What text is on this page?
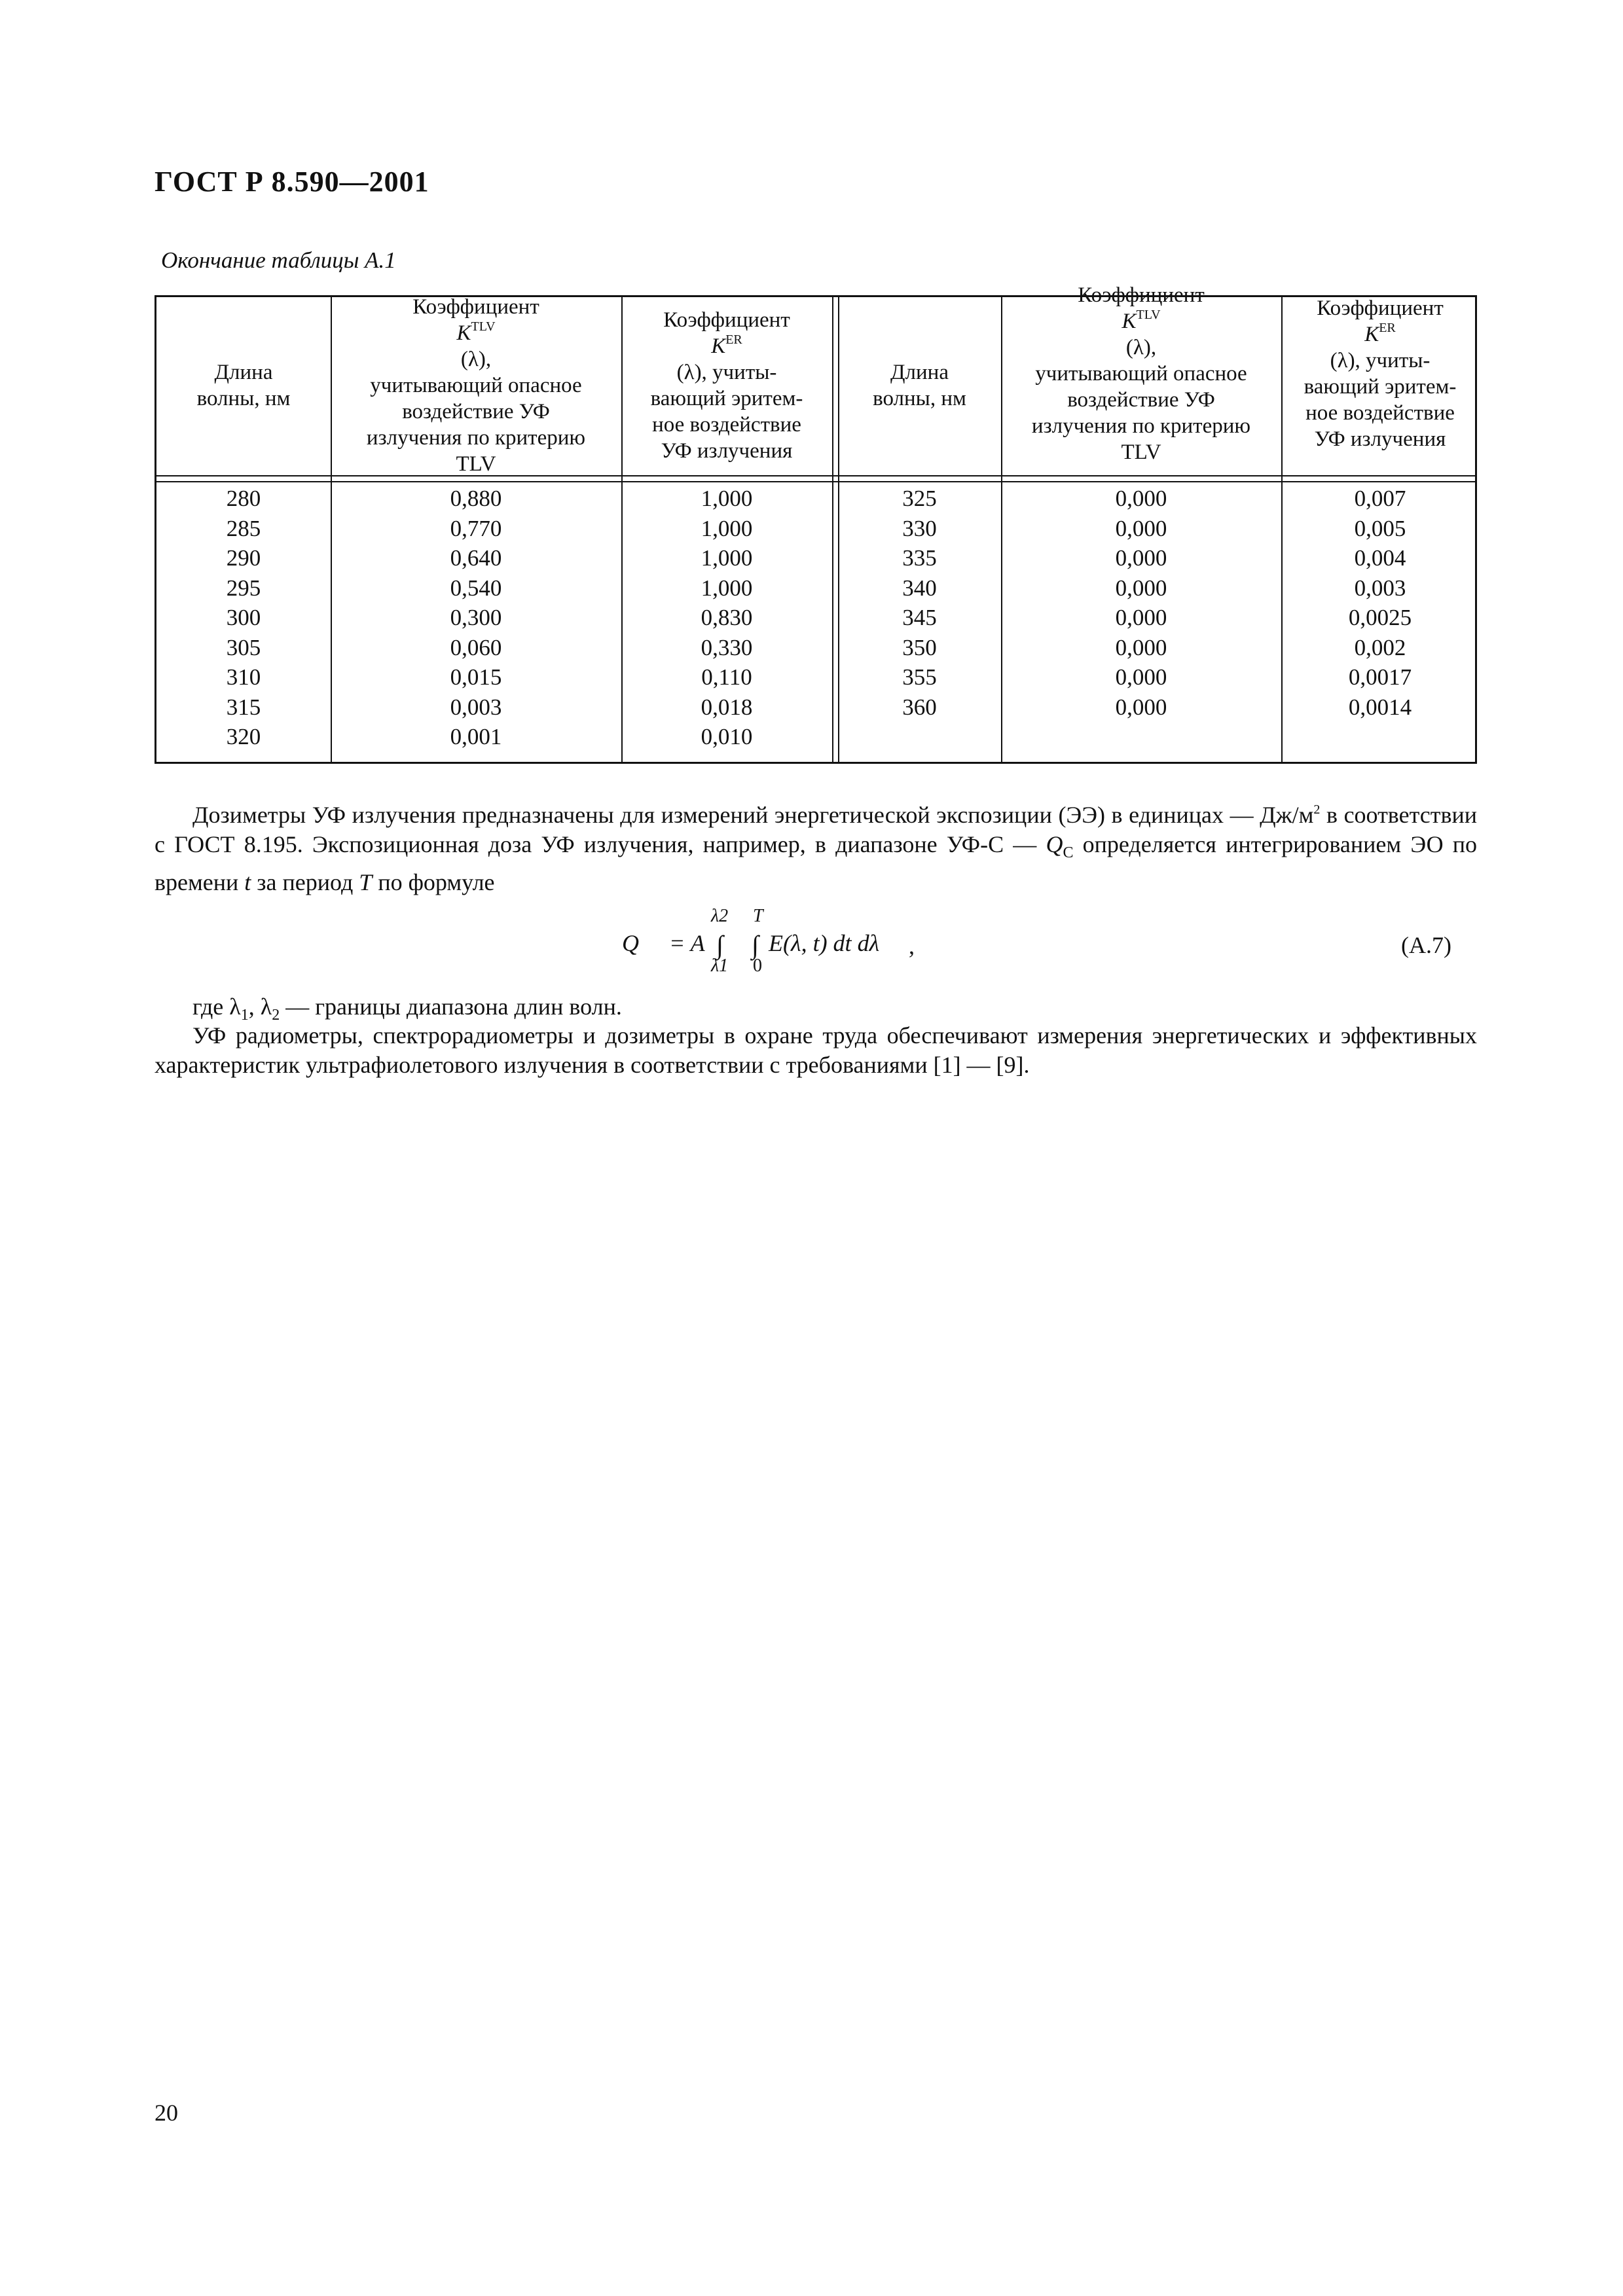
ГОСТ Р 8.590—2001
Окончание таблицы А.1
Длина
волны, нм
Коэффициент
$K^{TLV}$
(λ),
учитывающий опасное
воздействие УФ
излучения по критерию
TLV
Коэффициент
$K^{ER}$
(λ), учиты-
вающий эритем-
ное воздействие
УФ излучения
Длина
волны, нм
Коэффициент
$K^{TLV}$
(λ),
учитывающий опасное
воздействие УФ
излучения по критерию
TLV
Коэффициент
$K^{ER}$
(λ), учиты-
вающий эритем-
ное воздействие
УФ излучения
280
285
290
295
300
305
310
315
320
0,880
0,770
0,640
0,540
0,300
0,060
0,015
0,003
0,001
1,000
1,000
1,000
1,000
0,830
0,330
0,110
0,018
0,010
325
330
335
340
345
350
355
360
0,000
0,000
0,000
0,000
0,000
0,000
0,000
0,000
0,007
0,005
0,004
0,003
0,0025
0,002
0,0017
0,0014
Дозиметры УФ излучения предназначены для измерений энергетической экспозиции (ЭЭ) в единицах — $Дж/м^2$ в соответствии с ГОСТ 8.195. Экспозиционная доза УФ излучения, например, в диапазоне УФ-С — $Q_С$ определяется интегрированием ЭО по времени t за период T по формуле
Q = A
λ2
∫
λ1
T
∫
0
E(λ, t) dt dλ ,	(А.7)
где $\lambda_1$, $\lambda_2$ — границы диапазона длин волн.
УФ радиометры, спектрорадиометры и дозиметры в охране труда обеспечивают измерения энергетических и эффективных характеристик ультрафиолетового излучения в соответствии с требованиями [1] — [9].
20
